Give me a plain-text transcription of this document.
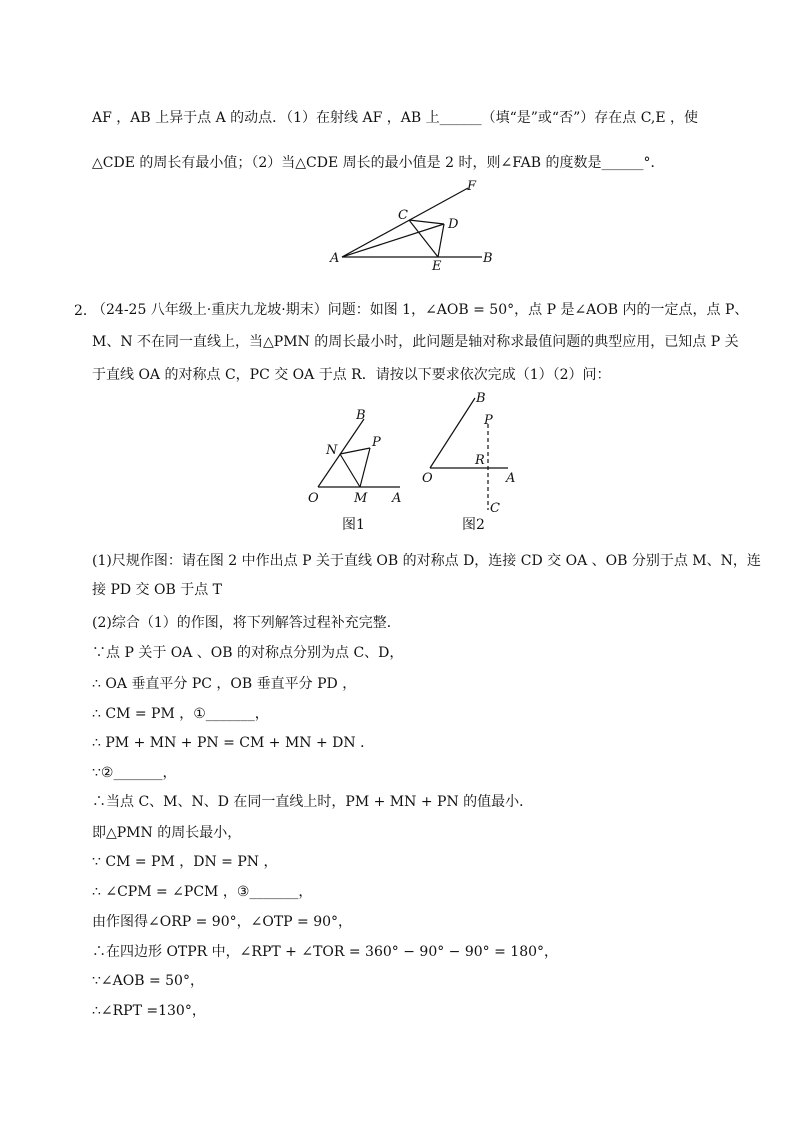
AF ，AB 上异于点 A 的动点．（1）在射线 AF ，AB 上______（填“是”或“否”）存在点 C,E ，使
△CDE 的周长有最小值；（2）当△CDE 周长的最小值是 2 时，则∠FAB 的度数是______°．
F
C
D
A
E
B
2．
（24-25 八年级上·重庆九龙坡·期末）问题：如图 1，∠AOB = 50°，点 P 是∠AOB 内的一定点，点 P、
M、N 不在同一直线上，当△PMN 的周长最小时，此问题是轴对称求最值问题的典型应用，已知点 P 关
于直线 OA 的对称点 C，PC 交 OA 于点 R．请按以下要求依次完成（1）（2）问：
B
N
P
O	M A
图1
B
P
R
O	A
C
图2
(1)尺规作图：请在图 2 中作出点 P 关于直线 OB 的对称点 D，连接 CD 交 OA 、OB 分别于点 M、N，连
接 PD 交 OB 于点 T
(2)综合（1）的作图，将下列解答过程补充完整．
∵点 P 关于 OA 、OB 的对称点分别为点 C、D，
∴ OA 垂直平分 PC ，OB 垂直平分 PD ，
∴ CM = PM ，①_______，
∴ PM + MN + PN = CM + MN + DN ．
∵②_______，
∴当点 C、M、N、D 在同一直线上时，PM + MN + PN 的值最小．
即△PMN 的周长最小，
∵ CM = PM ，DN = PN ，
∴ ∠CPM = ∠PCM ，③_______，
由作图得∠ORP = 90°，∠OTP = 90°，
∴在四边形 OTPR 中，∠RPT + ∠TOR = 360° − 90° − 90° = 180°，
∵∠AOB = 50°，
∴∠RPT =130°，
